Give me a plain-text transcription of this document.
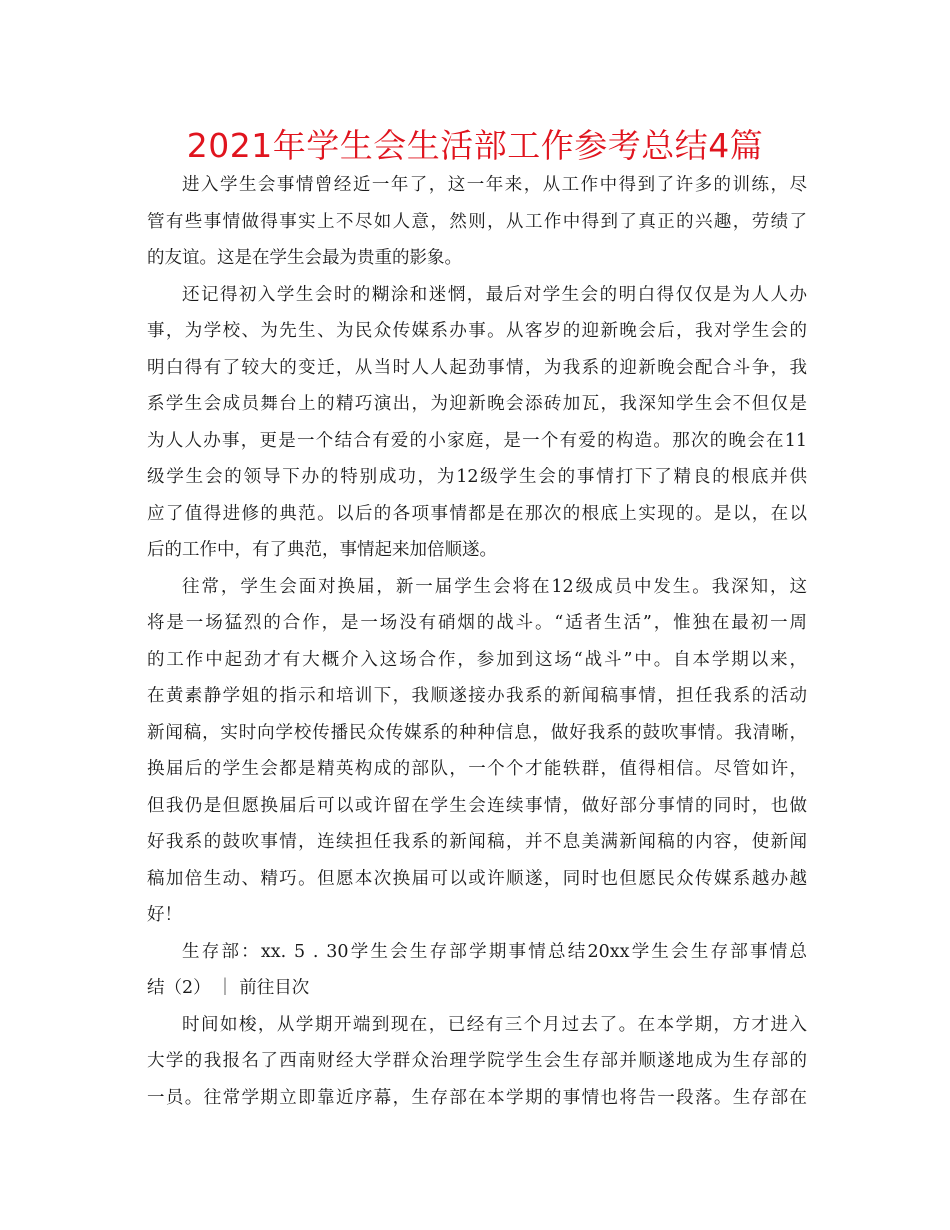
2021年学生会生活部工作参考总结4篇
进入学生会事情曾经近一年了，这一年来，从工作中得到了许多的训练，尽
管有些事情做得事实上不尽如人意，然则，从工作中得到了真正的兴趣，劳绩了
的友谊。这是在学生会最为贵重的影象。
还记得初入学生会时的糊涂和迷惘，最后对学生会的明白得仅仅是为人人办
事，为学校、为先生、为民众传媒系办事。从客岁的迎新晚会后，我对学生会的
明白得有了较大的变迁，从当时人人起劲事情，为我系的迎新晚会配合斗争，我
系学生会成员舞台上的精巧演出，为迎新晚会添砖加瓦，我深知学生会不但仅是
为人人办事，更是一个结合有爱的小家庭，是一个有爱的构造。那次的晚会在11
级学生会的领导下办的特别成功，为12级学生会的事情打下了精良的根底并供
应了值得进修的典范。以后的各项事情都是在那次的根底上实现的。是以，在以
后的工作中，有了典范，事情起来加倍顺遂。
往常，学生会面对换届，新一届学生会将在12级成员中发生。我深知，这
将是一场猛烈的合作，是一场没有硝烟的战斗。“适者生活”，惟独在最初一周
的工作中起劲才有大概介入这场合作，参加到这场“战斗”中。自本学期以来，
在黄素静学姐的指示和培训下，我顺遂接办我系的新闻稿事情，担任我系的活动
新闻稿，实时向学校传播民众传媒系的种种信息，做好我系的鼓吹事情。我清晰，
换届后的学生会都是精英构成的部队，一个个才能轶群，值得相信。尽管如许，
但我仍是但愿换届后可以或许留在学生会连续事情，做好部分事情的同时，也做
好我系的鼓吹事情，连续担任我系的新闻稿，并不息美满新闻稿的内容，使新闻
稿加倍生动、精巧。但愿本次换届可以或许顺遂，同时也但愿民众传媒系越办越
好！
生存部：xx. 5 . 30学生会生存部学期事情总结20xx学生会生存部事情总
结（2） ｜ 前往目次
时间如梭，从学期开端到现在，已经有三个月过去了。在本学期，方才进入
大学的我报名了西南财经大学群众治理学院学生会生存部并顺遂地成为生存部的
一员。往常学期立即靠近序幕，生存部在本学期的事情也将告一段落。生存部在
